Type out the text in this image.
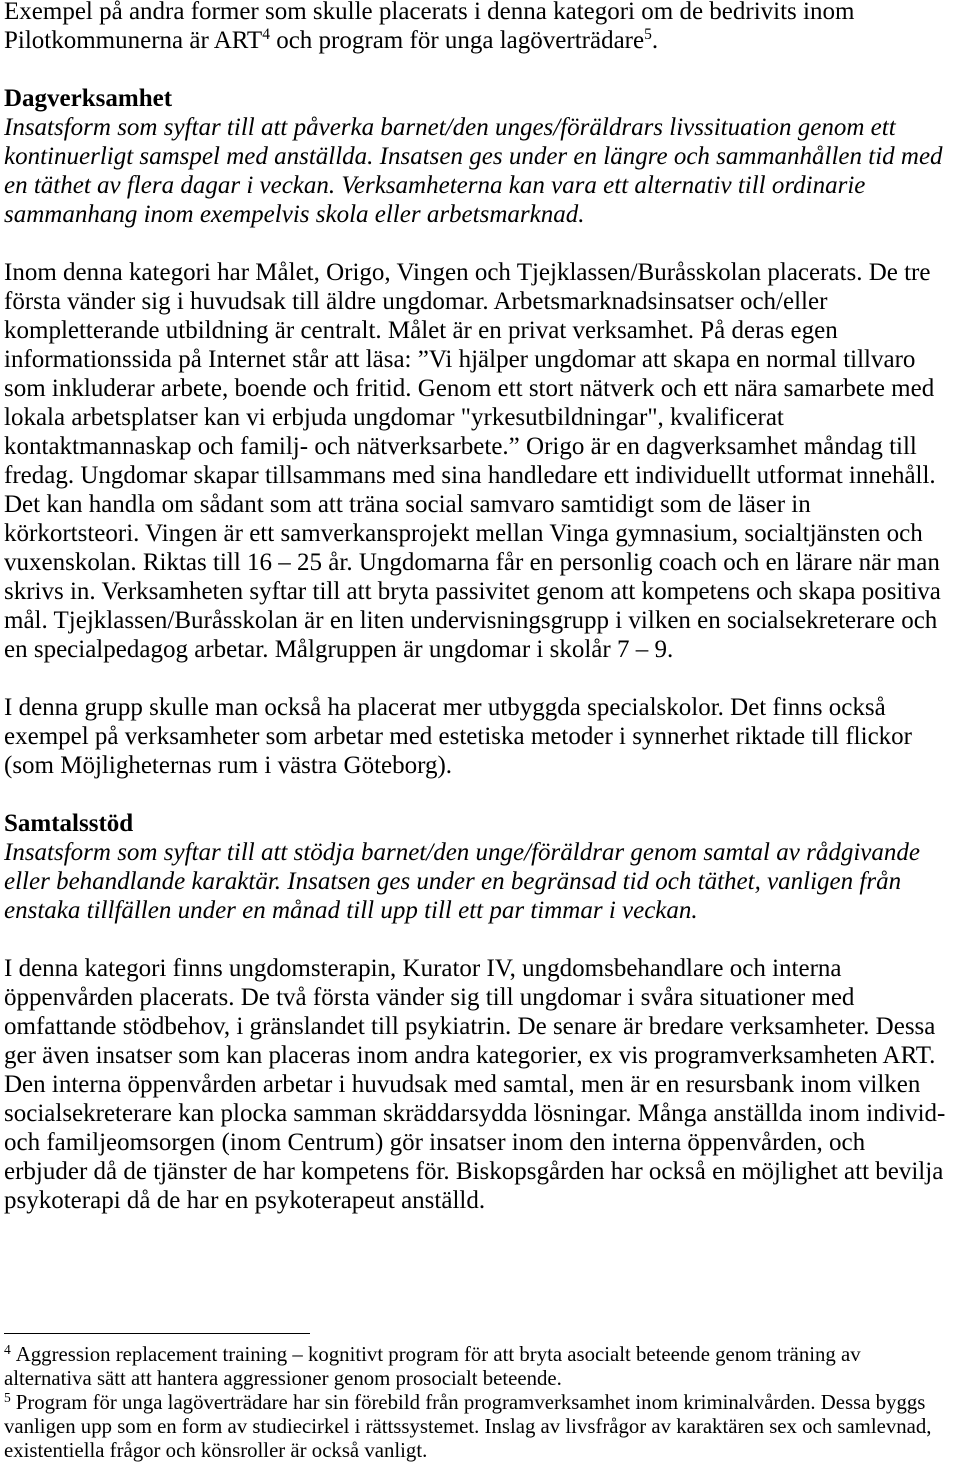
Exempel på andra former som skulle placerats i denna kategori om de bedrivits inom
Pilotkommunerna är ART$^4$ och program för unga lagöverträdare$^5$.
Dagverksamhet
Insatsform som syftar till att påverka barnet/den unges/föräldrars livssituation genom ett
kontinuerligt samspel med anställda. Insatsen ges under en längre och sammanhållen tid med
en täthet av flera dagar i veckan. Verksamheterna kan vara ett alternativ till ordinarie
sammanhang inom exempelvis skola eller arbetsmarknad.
Inom denna kategori har Målet, Origo, Vingen och Tjejklassen/Buråsskolan placerats. De tre
första vänder sig i huvudsak till äldre ungdomar. Arbetsmarknadsinsatser och/eller
kompletterande utbildning är centralt. Målet är en privat verksamhet. På deras egen
informationssida på Internet står att läsa: ”Vi hjälper ungdomar att skapa en normal tillvaro
som inkluderar arbete, boende och fritid. Genom ett stort nätverk och ett nära samarbete med
lokala arbetsplatser kan vi erbjuda ungdomar "yrkesutbildningar", kvalificerat
kontaktmannaskap och familj- och nätverksarbete.” Origo är en dagverksamhet måndag till
fredag. Ungdomar skapar tillsammans med sina handledare ett individuellt utformat innehåll.
Det kan handla om sådant som att träna social samvaro samtidigt som de läser in
körkortsteori. Vingen är ett samverkansprojekt mellan Vinga gymnasium, socialtjänsten och
vuxenskolan. Riktas till 16 – 25 år. Ungdomarna får en personlig coach och en lärare när man
skrivs in. Verksamheten syftar till att bryta passivitet genom att kompetens och skapa positiva
mål. Tjejklassen/Buråsskolan är en liten undervisningsgrupp i vilken en socialsekreterare och
en specialpedagog arbetar. Målgruppen är ungdomar i skolår 7 – 9.
I denna grupp skulle man också ha placerat mer utbyggda specialskolor. Det finns också
exempel på verksamheter som arbetar med estetiska metoder i synnerhet riktade till flickor
(som Möjligheternas rum i västra Göteborg).
Samtalsstöd
Insatsform som syftar till att stödja barnet/den unge/föräldrar genom samtal av rådgivande
eller behandlande karaktär. Insatsen ges under en begränsad tid och täthet, vanligen från
enstaka tillfällen under en månad till upp till ett par timmar i veckan.
I denna kategori finns ungdomsterapin, Kurator IV, ungdomsbehandlare och interna
öppenvården placerats. De två första vänder sig till ungdomar i svåra situationer med
omfattande stödbehov, i gränslandet till psykiatrin. De senare är bredare verksamheter. Dessa
ger även insatser som kan placeras inom andra kategorier, ex vis programverksamheten ART.
Den interna öppenvården arbetar i huvudsak med samtal, men är en resursbank inom vilken
socialsekreterare kan plocka samman skräddarsydda lösningar. Många anställda inom individ-
och familjeomsorgen (inom Centrum) gör insatser inom den interna öppenvården, och
erbjuder då de tjänster de har kompetens för. Biskopsgården har också en möjlighet att bevilja
psykoterapi då de har en psykoterapeut anställd.
$^4$ Aggression replacement training – kognitivt program för att bryta asocialt beteende genom träning av
alternativa sätt att hantera aggressioner genom prosocialt beteende.
$^5$ Program för unga lagöverträdare har sin förebild från programverksamhet inom kriminalvården. Dessa byggs
vanligen upp som en form av studiecirkel i rättssystemet. Inslag av livsfrågor av karaktären sex och samlevnad,
existentiella frågor och könsroller är också vanligt.
